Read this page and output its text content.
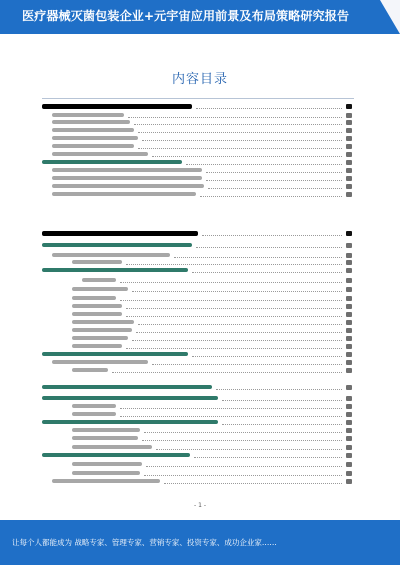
医疗器械灭菌包装企业+元宇宙应用前景及布局策略研究报告
内容目录
- 1 -
让每个人都能成为 战略专家、管理专家、营销专家、投资专家、成功企业家……
